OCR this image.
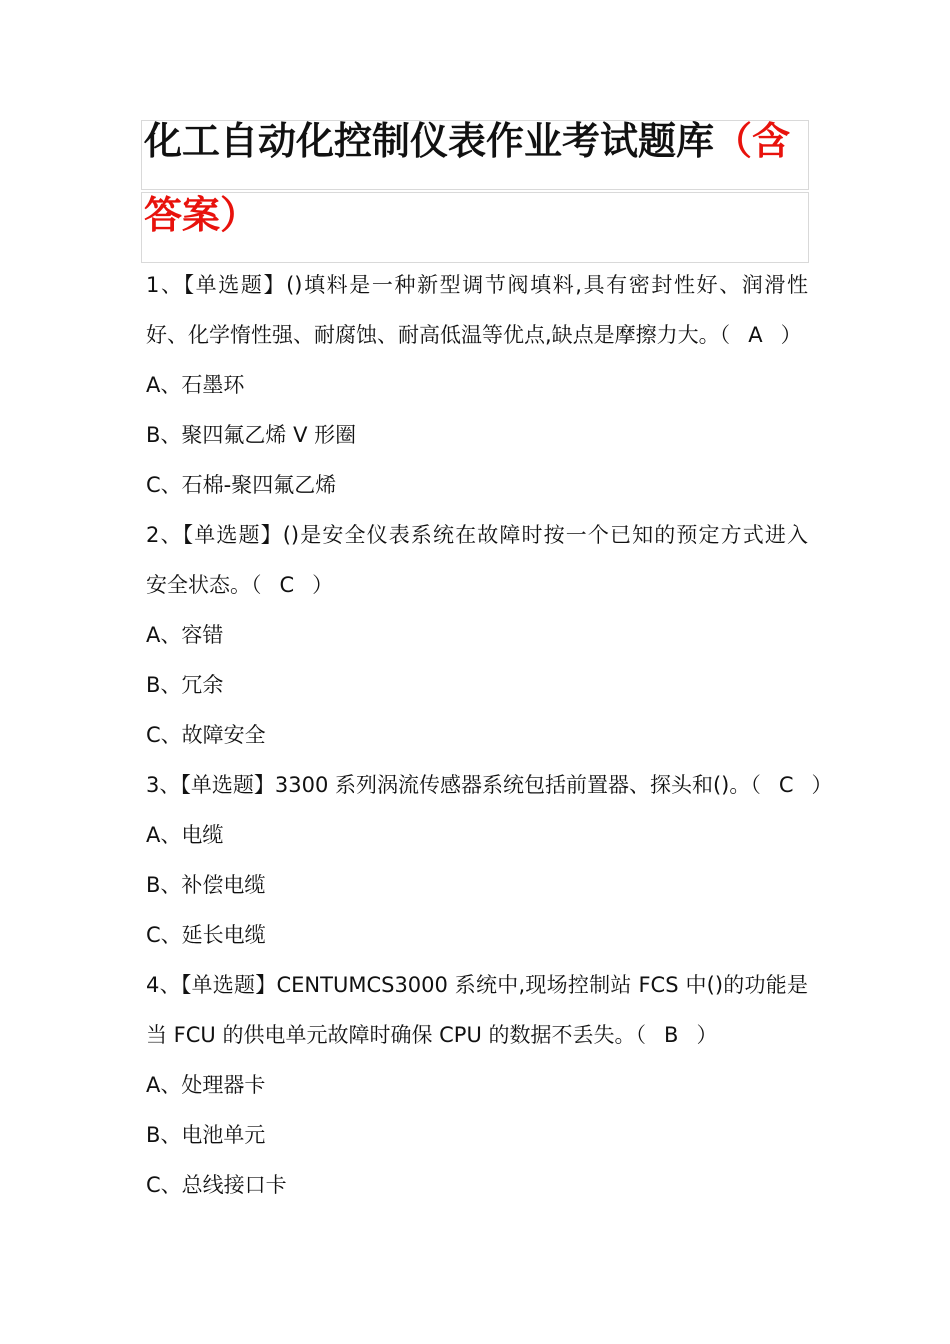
化工自动化控制仪表作业考试题库（含答案）
1、【单选题】()填料是一种新型调节阀填料,具有密封性好、润滑性
好、化学惰性强、耐腐蚀、耐高低温等优点,缺点是摩擦力大。（ A ）
A、石墨环
B、聚四氟乙烯 V 形圈
C、石棉-聚四氟乙烯
2、【单选题】()是安全仪表系统在故障时按一个已知的预定方式进入
安全状态。（ C ）
A、容错
B、冗余
C、故障安全
3、【单选题】3300 系列涡流传感器系统包括前置器、探头和()。（ C ）
A、电缆
B、补偿电缆
C、延长电缆
4、【单选题】CENTUMCS3000 系统中,现场控制站 FCS 中()的功能是
当 FCU 的供电单元故障时确保 CPU 的数据不丢失。（ B ）
A、处理器卡
B、电池单元
C、总线接口卡
